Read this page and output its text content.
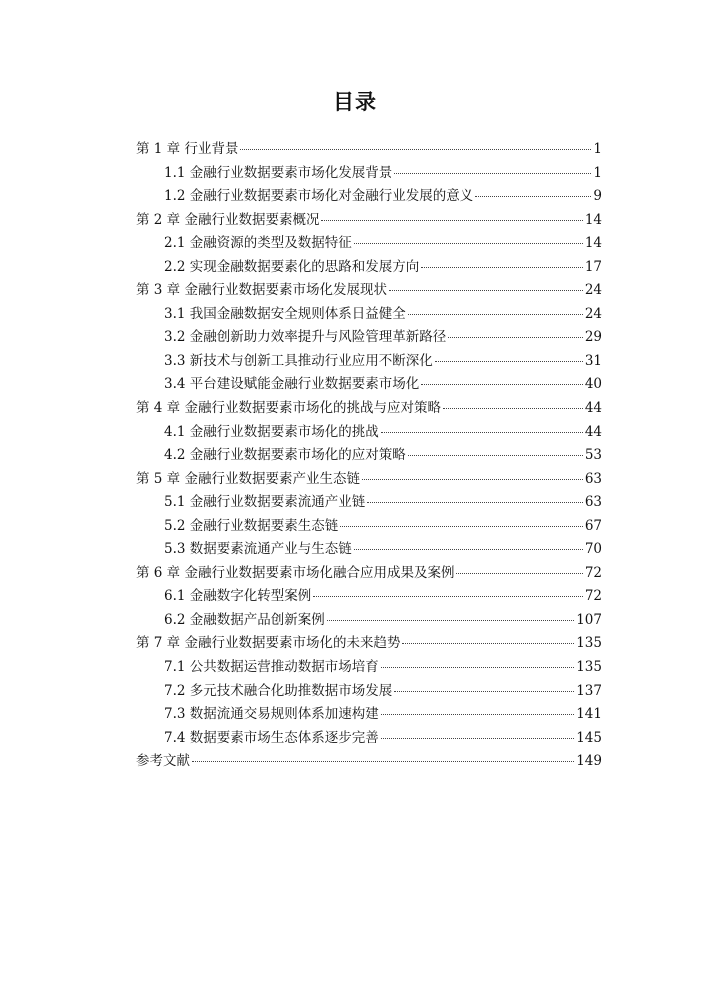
目录
第 1 章 行业背景	1
1.1 金融行业数据要素市场化发展背景	1
1.2 金融行业数据要素市场化对金融行业发展的意义	9
第 2 章 金融行业数据要素概况	14
2.1 金融资源的类型及数据特征	14
2.2 实现金融数据要素化的思路和发展方向	17
第 3 章 金融行业数据要素市场化发展现状	24
3.1 我国金融数据安全规则体系日益健全	24
3.2 金融创新助力效率提升与风险管理革新路径	29
3.3 新技术与创新工具推动行业应用不断深化	31
3.4 平台建设赋能金融行业数据要素市场化	40
第 4 章 金融行业数据要素市场化的挑战与应对策略	44
4.1 金融行业数据要素市场化的挑战	44
4.2 金融行业数据要素市场化的应对策略	53
第 5 章 金融行业数据要素产业生态链	63
5.1 金融行业数据要素流通产业链	63
5.2 金融行业数据要素生态链	67
5.3 数据要素流通产业与生态链	70
第 6 章 金融行业数据要素市场化融合应用成果及案例	72
6.1 金融数字化转型案例	72
6.2 金融数据产品创新案例	107
第 7 章 金融行业数据要素市场化的未来趋势	135
7.1 公共数据运营推动数据市场培育	135
7.2 多元技术融合化助推数据市场发展	137
7.3 数据流通交易规则体系加速构建	141
7.4 数据要素市场生态体系逐步完善	145
参考文献	149
